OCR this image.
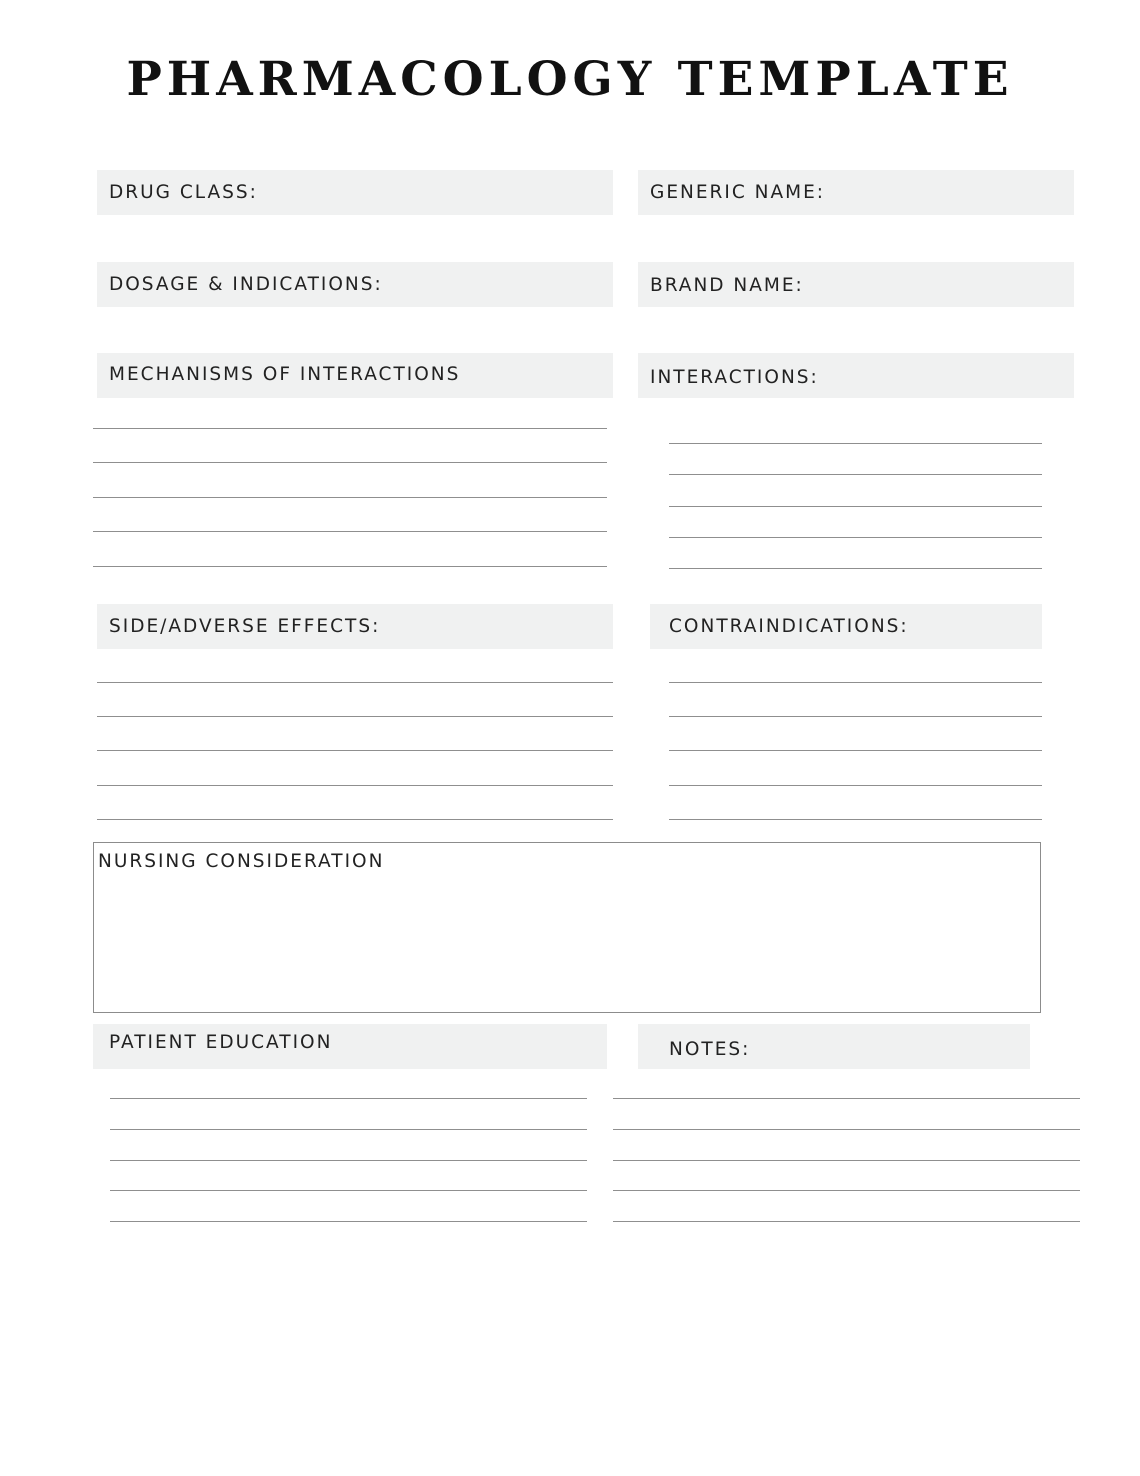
PHARMACOLOGY TEMPLATE
DRUG CLASS:	GENERIC NAME:
DOSAGE & INDICATIONS:	BRAND NAME:
MECHANISMS OF INTERACTIONS	INTERACTIONS:
SIDE/ADVERSE EFFECTS:	CONTRAINDICATIONS:
NURSING CONSIDERATION
PATIENT EDUCATION	NOTES:
